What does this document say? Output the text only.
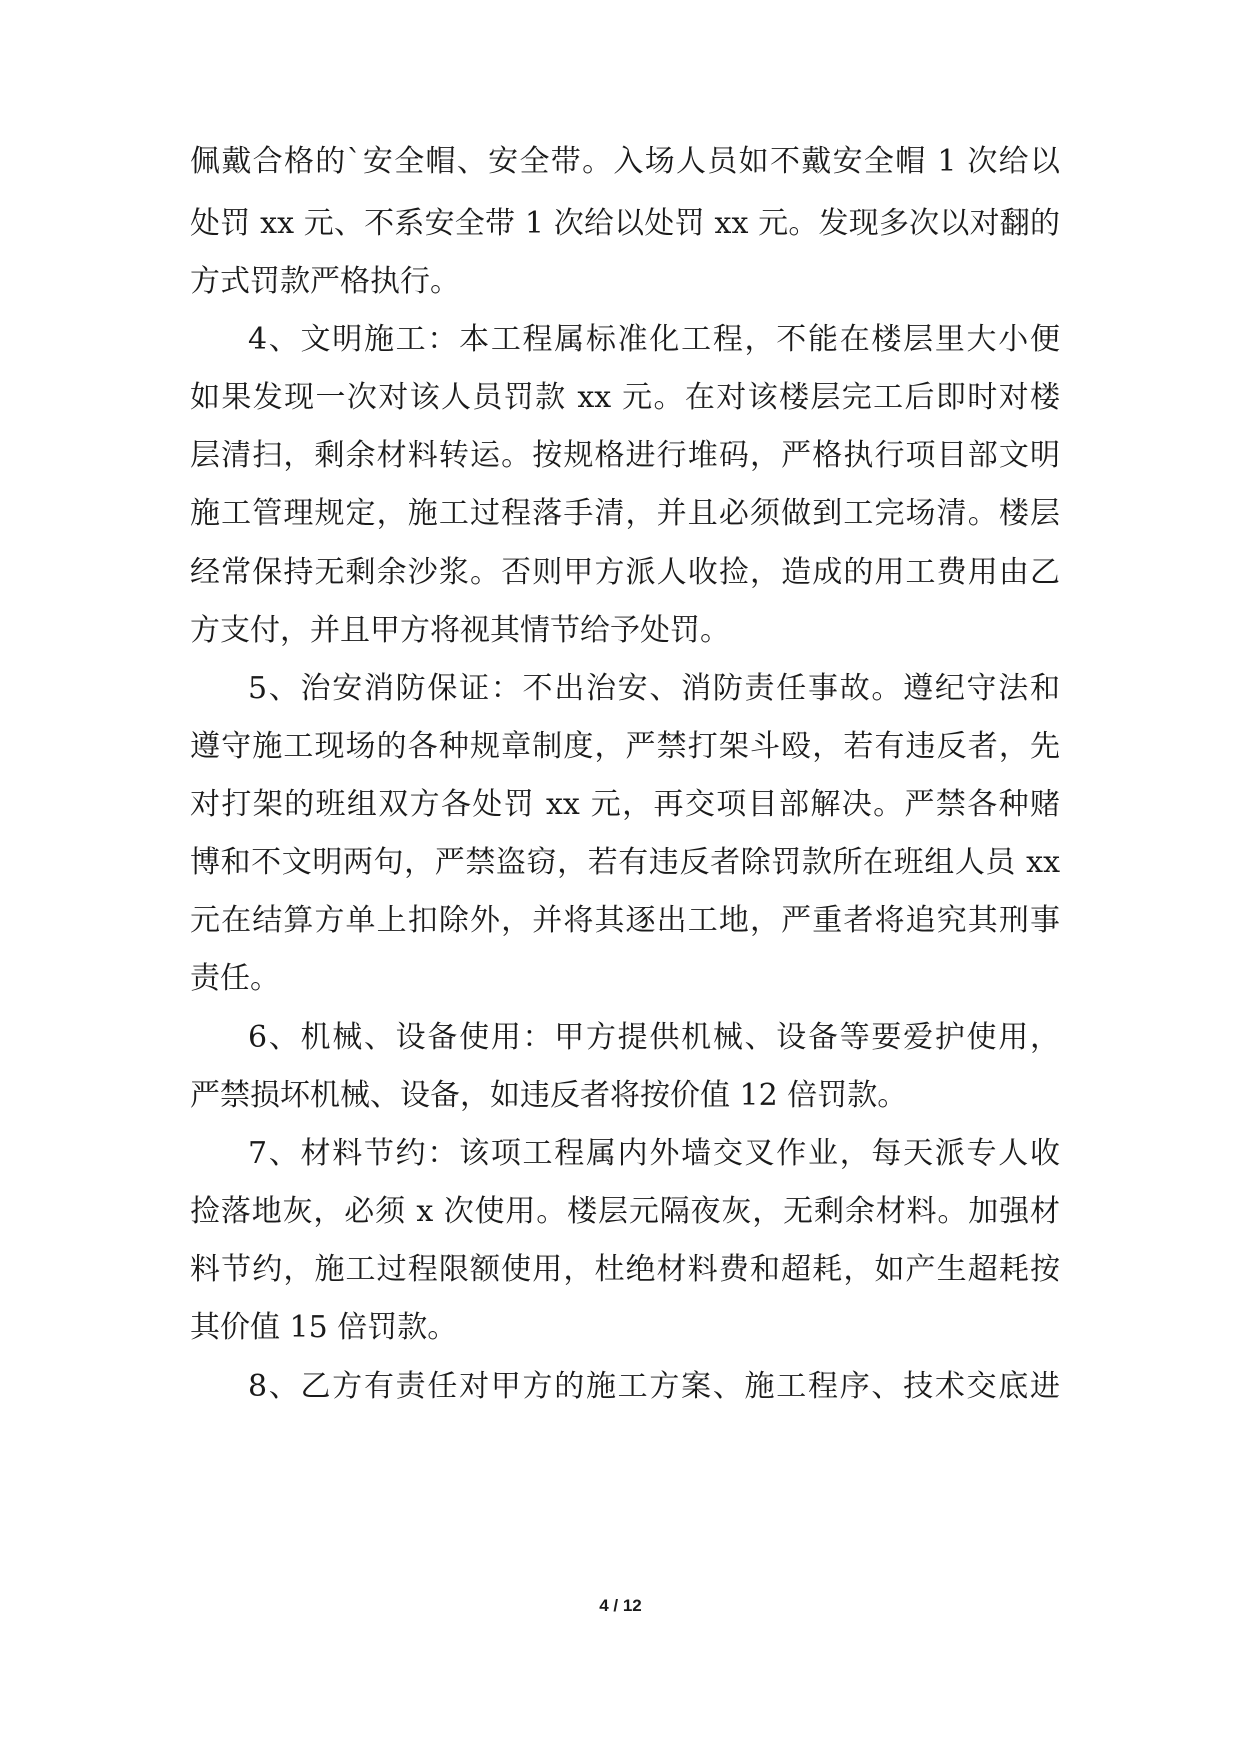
佩戴合格的`安全帽、安全带。入场人员如不戴安全帽 1 次给以
处罚 xx 元、不系安全带 1 次给以处罚 xx 元。发现多次以对翻的
方式罚款严格执行。
4、文明施工：本工程属标准化工程，不能在楼层里大小便
如果发现一次对该人员罚款 xx 元。在对该楼层完工后即时对楼
层清扫，剩余材料转运。按规格进行堆码，严格执行项目部文明
施工管理规定，施工过程落手清，并且必须做到工完场清。楼层
经常保持无剩余沙浆。否则甲方派人收捡，造成的用工费用由乙
方支付，并且甲方将视其情节给予处罚。
5、治安消防保证：不出治安、消防责任事故。遵纪守法和
遵守施工现场的各种规章制度，严禁打架斗殴，若有违反者，先
对打架的班组双方各处罚 xx 元，再交项目部解决。严禁各种赌
博和不文明两句，严禁盗窃，若有违反者除罚款所在班组人员 xx
元在结算方单上扣除外，并将其逐出工地，严重者将追究其刑事
责任。
6、机械、设备使用：甲方提供机械、设备等要爱护使用，
严禁损坏机械、设备，如违反者将按价值 12 倍罚款。
7、材料节约：该项工程属内外墙交叉作业，每天派专人收
捡落地灰，必须 x 次使用。楼层元隔夜灰，无剩余材料。加强材
料节约，施工过程限额使用，杜绝材料费和超耗，如产生超耗按
其价值 15 倍罚款。
8、乙方有责任对甲方的施工方案、施工程序、技术交底进
4 / 12
